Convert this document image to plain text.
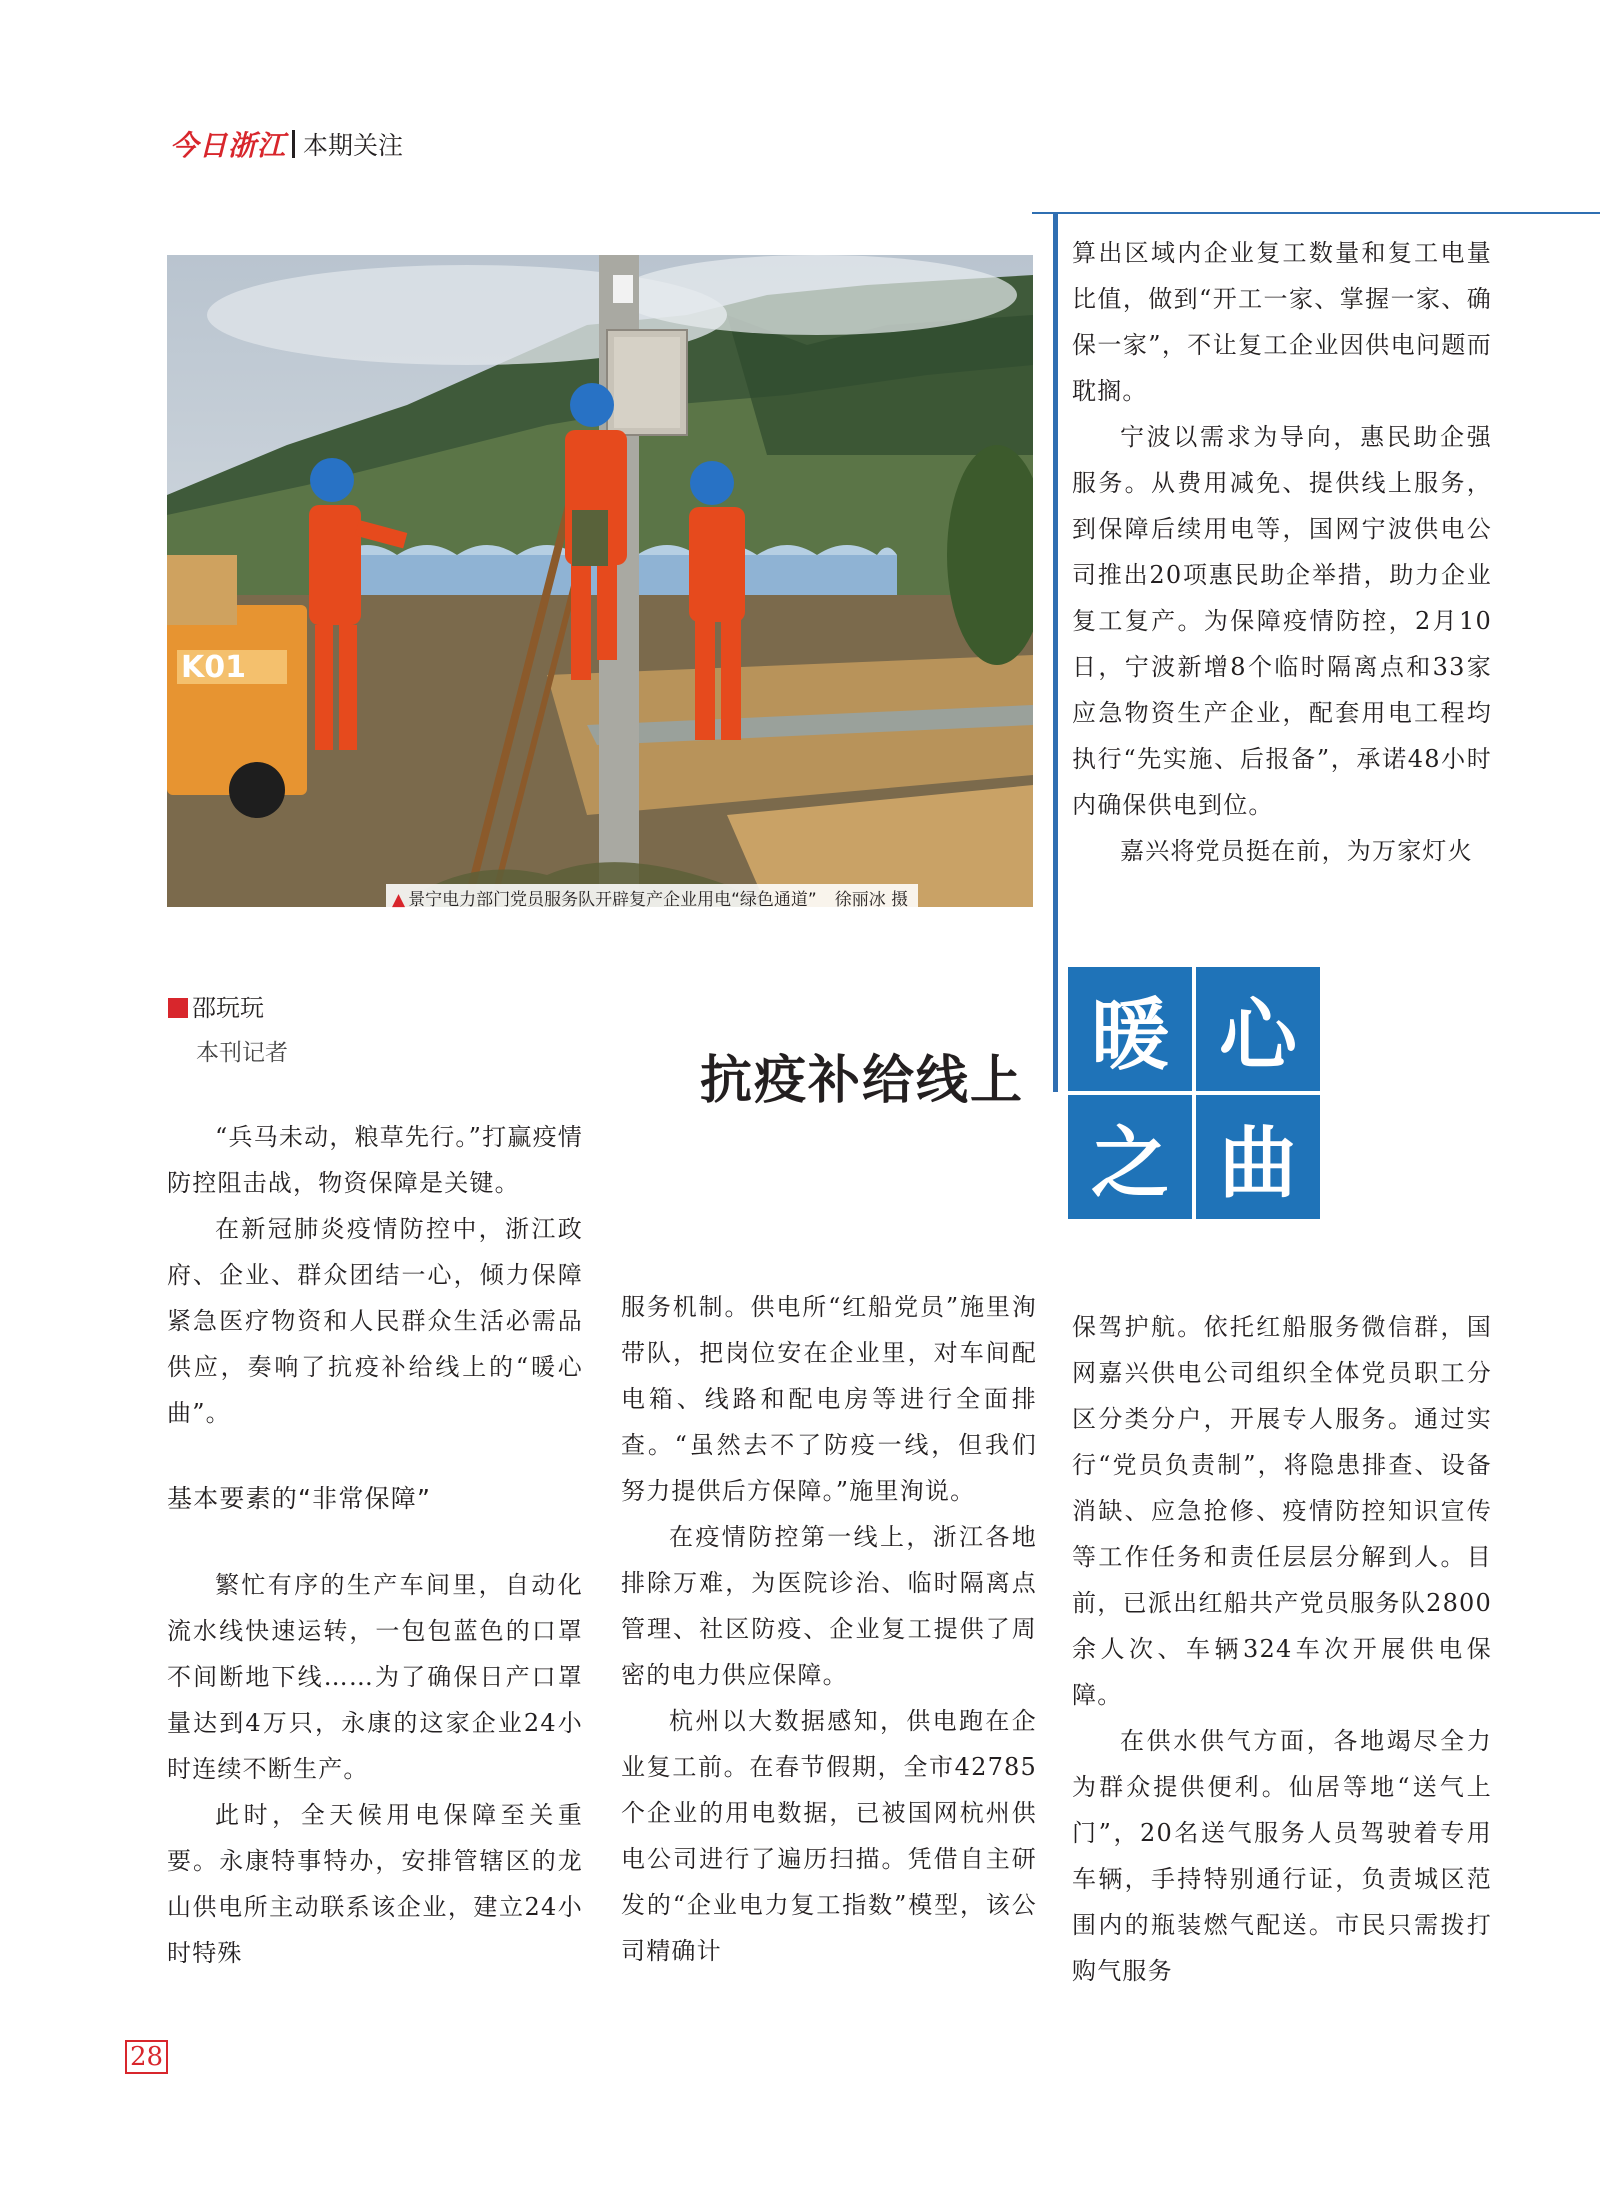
今日浙江 本期关注
K01
▲ 景宁电力部门党员服务队开辟复产企业用电“绿色通道” 徐丽冰 摄
邵玩玩
本刊记者	抗疫补给线上 暖 心
之 曲

算出区域内企业复工数量和复工电量比值，做到“开工一家、掌握一家、确保一家”，不让复工企业因供电问题而耽搁。

宁波以需求为导向，惠民助企强服务。从费用减免、提供线上服务，到保障后续用电等，国网宁波供电公司推出20项惠民助企举措，助力企业复工复产。为保障疫情防控，2月10日，宁波新增8个临时隔离点和33家应急物资生产企业，配套用电工程均执行“先实施、后报备”，承诺48小时内确保供电到位。

嘉兴将党员挺在前，为万家灯火

“兵马未动，粮草先行。”打赢疫情防控阻击战，物资保障是关键。

在新冠肺炎疫情防控中，浙江政府、企业、群众团结一心，倾力保障紧急医疗物资和人民群众生活必需品供应，奏响了抗疫补给线上的“暖心曲”。

基本要素的“非常保障”

繁忙有序的生产车间里，自动化流水线快速运转，一包包蓝色的口罩不间断地下线……为了确保日产口罩量达到4万只，永康的这家企业24小时连续不断生产。

此时，全天候用电保障至关重要。永康特事特办，安排管辖区的龙山供电所主动联系该企业，建立24小时特殊

服务机制。供电所“红船党员”施里洵带队，把岗位安在企业里，对车间配电箱、线路和配电房等进行全面排查。“虽然去不了防疫一线，但我们努力提供后方保障。”施里洵说。

在疫情防控第一线上，浙江各地排除万难，为医院诊治、临时隔离点管理、社区防疫、企业复工提供了周密的电力供应保障。

杭州以大数据感知，供电跑在企业复工前。在春节假期，全市42785个企业的用电数据，已被国网杭州供电公司进行了遍历扫描。凭借自主研发的“企业电力复工指数”模型，该公司精确计

保驾护航。依托红船服务微信群，国网嘉兴供电公司组织全体党员职工分区分类分户，开展专人服务。通过实行“党员负责制”，将隐患排查、设备消缺、应急抢修、疫情防控知识宣传等工作任务和责任层层分解到人。目前，已派出红船共产党员服务队2800余人次、车辆324车次开展供电保障。

在供水供气方面，各地竭尽全力为群众提供便利。仙居等地“送气上门”，20名送气服务人员驾驶着专用车辆，手持特别通行证，负责城区范围内的瓶装燃气配送。市民只需拨打购气服务

28
